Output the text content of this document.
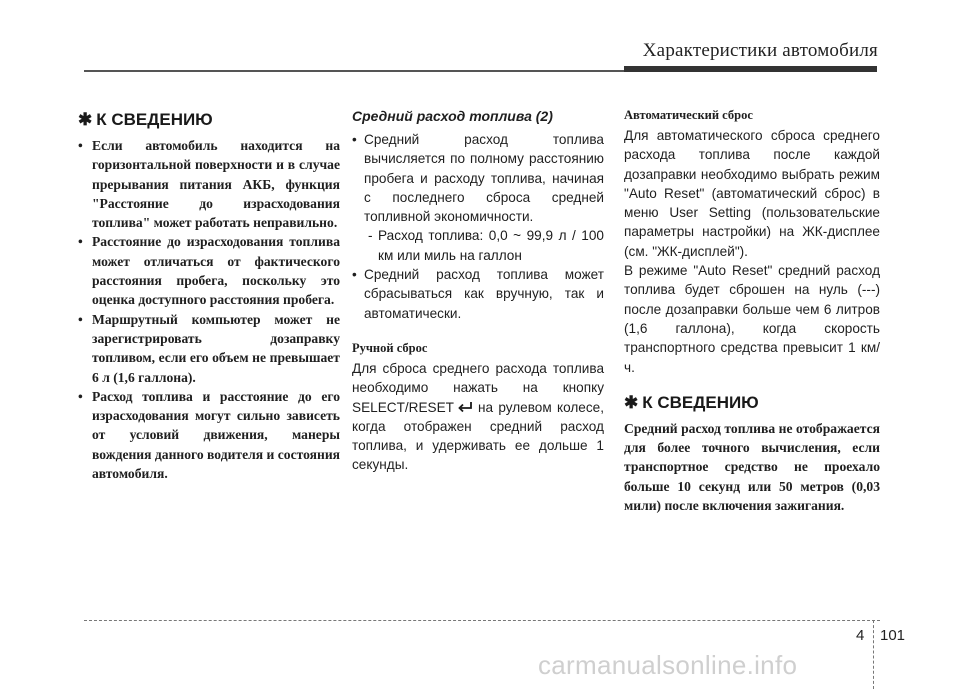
Характеристики автомобиля
✱ К СВЕДЕНИЮ
• Если автомобиль находится на горизонтальной поверхности и в случае прерывания питания АКБ, функция "Расстояние до израсходования топлива" может работать неправильно.
• Расстояние до израсходования топлива может отличаться от фактического расстояния пробега, поскольку это оценка доступного расстояния пробега.
• Маршрутный компьютер может не зарегистрировать дозаправку топливом, если его объем не превышает 6 л (1,6 галлона).
• Расход топлива и расстояние до его израсходования могут сильно зависеть от условий движения, манеры вождения данного водителя и состояния автомобиля.
Средний расход топлива (2)
• Средний расход топлива вычисляется по полному расстоянию пробега и расходу топлива, начиная с последнего сброса средней топливной экономичности.
- Расход топлива: 0,0 ~ 99,9 л / 100 км или миль на галлон
• Средний расход топлива может сбрасываться как вручную, так и автоматически.
Ручной сброс

Для сброса среднего расхода топлива необходимо нажать на кнопку SELECT/RESET на рулевом колесе, когда отображен средний расход топлива, и удерживать ее дольше 1 секунды.

Автоматический сброс

Для автоматического сброса среднего расхода топлива после каждой дозаправки необходимо выбрать режим "Auto Reset" (автоматический сброс) в меню User Setting (пользовательские параметры настройки) на ЖК-дисплее (см. "ЖК-дисплей").

В режиме "Auto Reset" средний расход топлива будет сброшен на нуль (---) после дозаправки больше чем 6 литров (1,6 галлона), когда скорость транспортного средства превысит 1 км/ч.

✱ К СВЕДЕНИЮ

Средний расход топлива не отображается для более точного вычисления, если транспортное средство не проехало больше 10 секунд или 50 метров (0,03 мили) после включения зажигания.

4 101
carmanualsonline.info
